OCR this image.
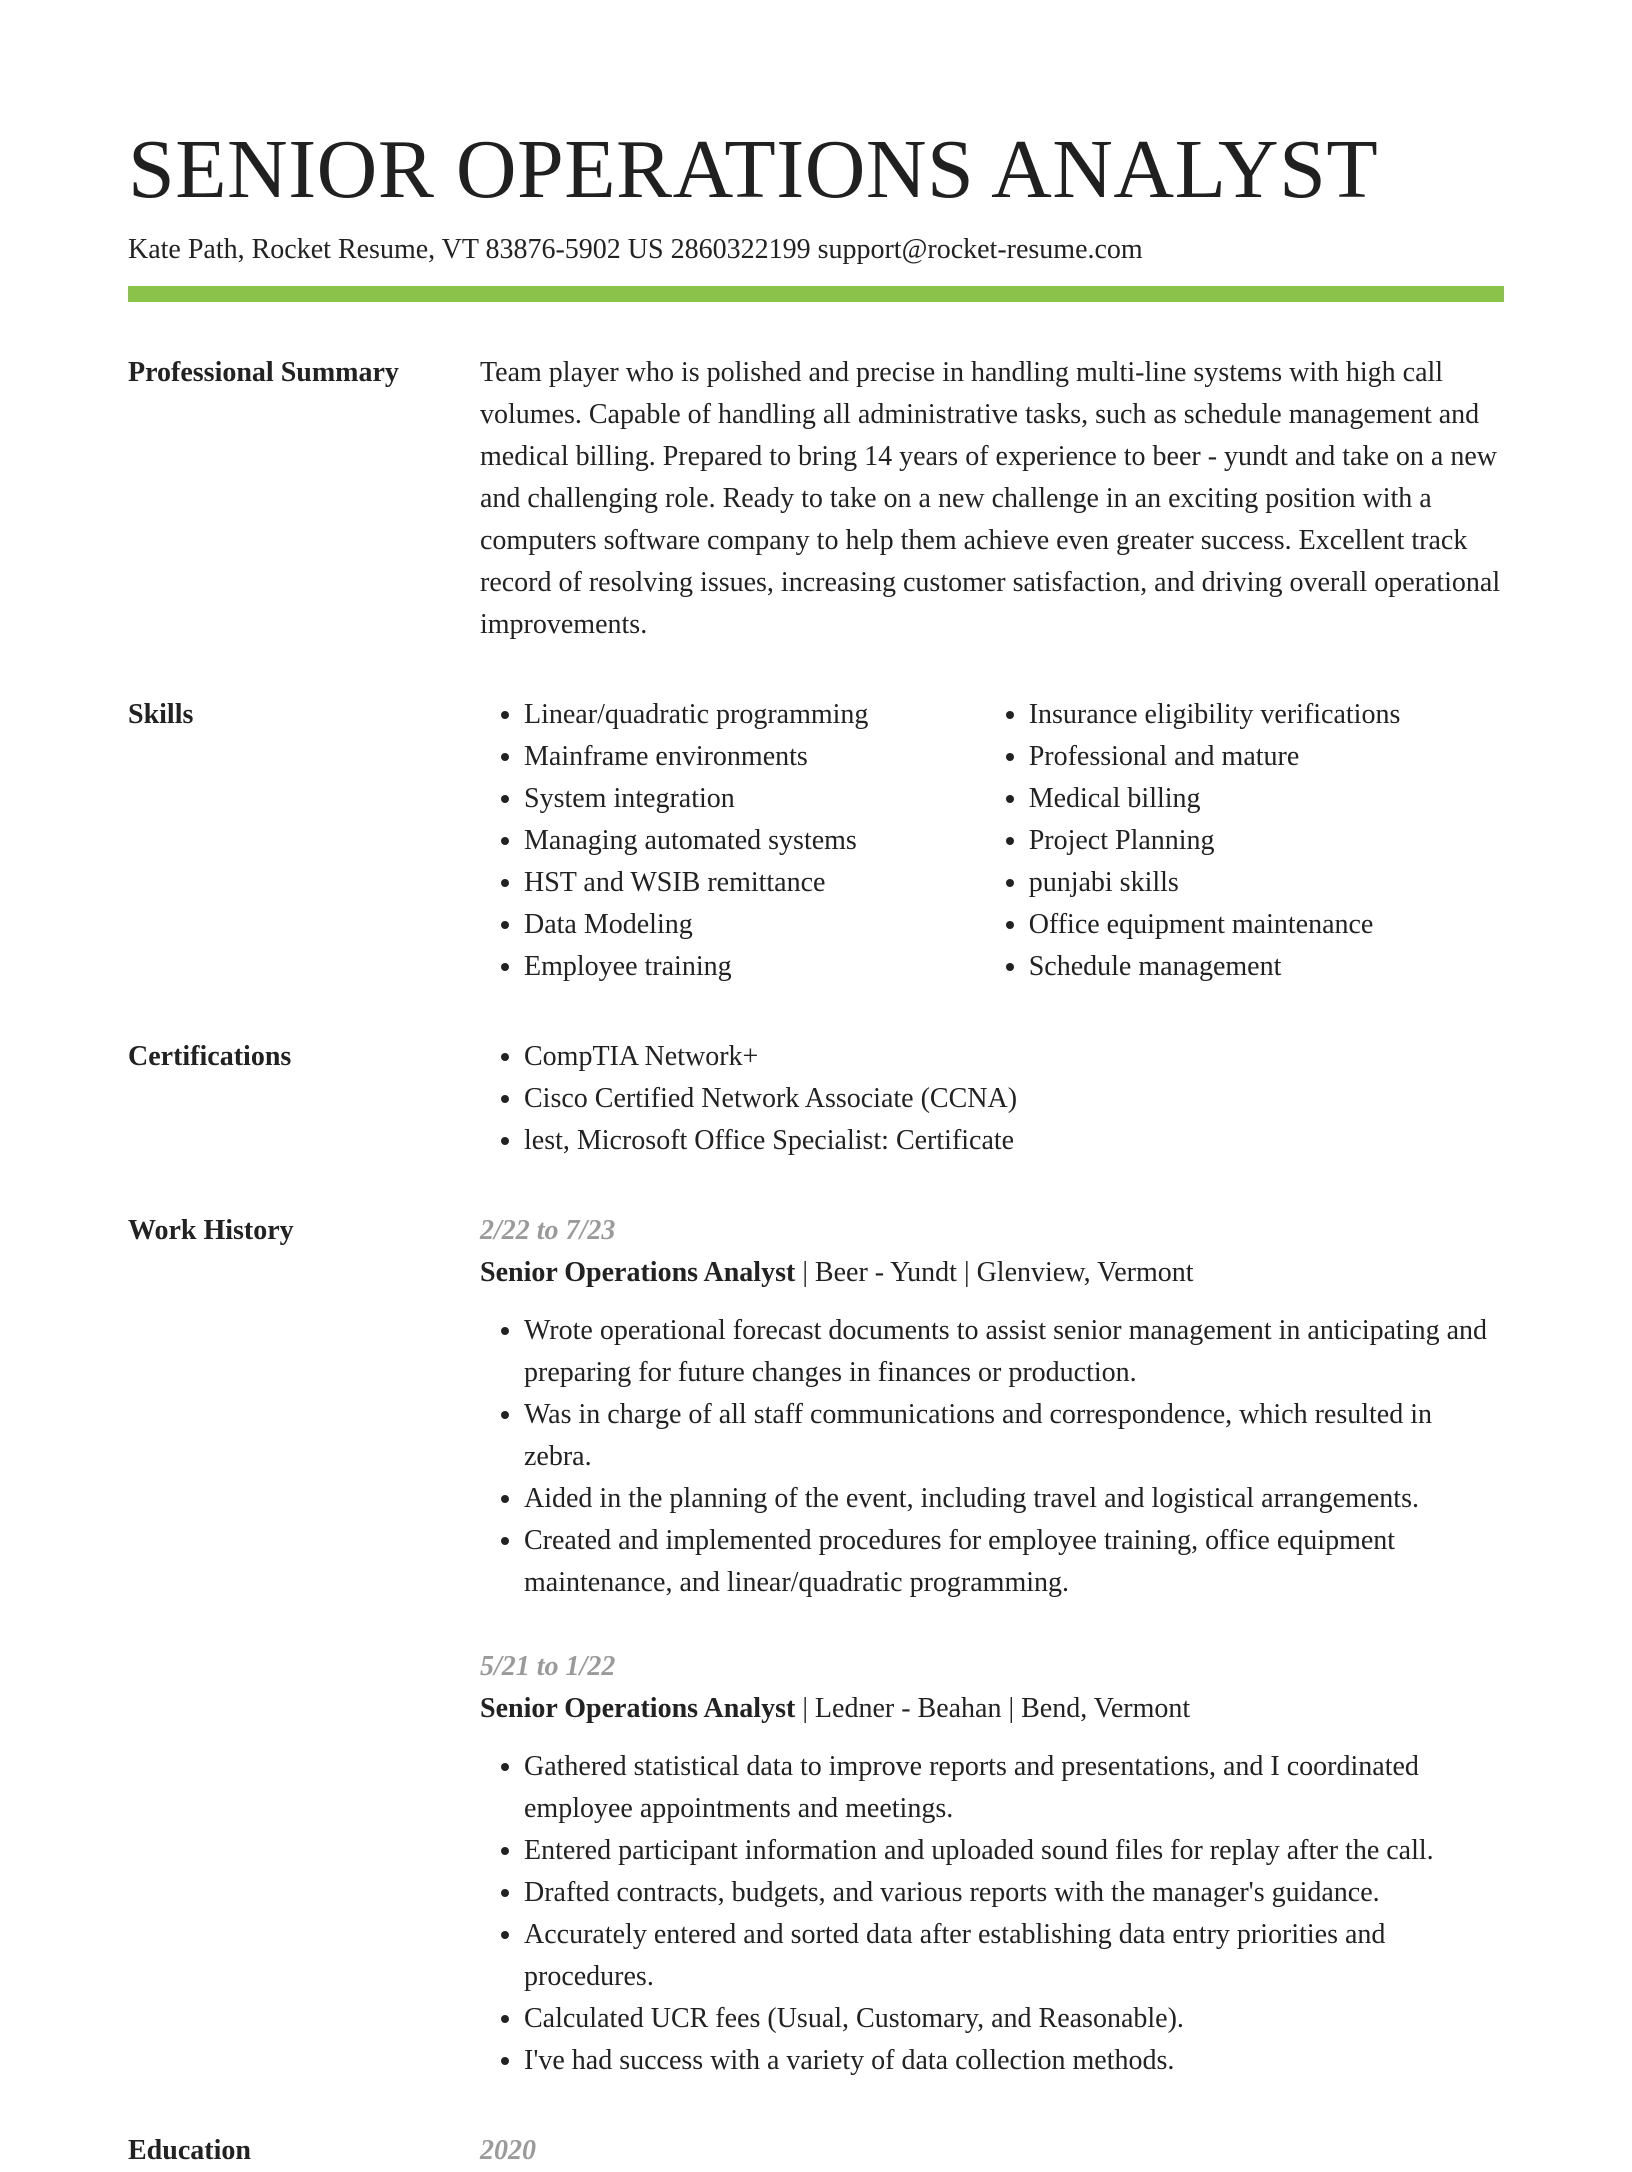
SENIOR OPERATIONS ANALYST
Kate Path, Rocket Resume, VT 83876-5902 US 2860322199 support@rocket-resume.com
Professional Summary	Team player who is polished and precise in handling multi-line systems with high call volumes. Capable of handling all administrative tasks, such as schedule management and medical billing. Prepared to bring 14 years of experience to beer - yundt and take on a new and challenging role. Ready to take on a new challenge in an exciting position with a computers software company to help them achieve even greater success. Excellent track record of resolving issues, increasing customer satisfaction, and driving overall operational improvements.

Skills	• Linear/quadratic programming
• Mainframe environments
• System integration
• Managing automated systems
• HST and WSIB remittance
• Data Modeling
• Employee training
• Insurance eligibility verifications
• Professional and mature
• Medical billing
• Project Planning
• punjabi skills
• Office equipment maintenance
• Schedule management
Certifications	• CompTIA Network+
• Cisco Certified Network Associate (CCNA)
• lest, Microsoft Office Specialist: Certificate
Work History	2/22 to 7/23
Senior Operations Analyst | Beer - Yundt | Glenview, Vermont
• Wrote operational forecast documents to assist senior management in anticipating and preparing for future changes in finances or production.
• Was in charge of all staff communications and correspondence, which resulted in zebra.
• Aided in the planning of the event, including travel and logistical arrangements.
• Created and implemented procedures for employee training, office equipment maintenance, and linear/quadratic programming.
5/21 to 1/22
Senior Operations Analyst | Ledner - Beahan | Bend, Vermont
• Gathered statistical data to improve reports and presentations, and I coordinated employee appointments and meetings.
• Entered participant information and uploaded sound files for replay after the call.
• Drafted contracts, budgets, and various reports with the manager's guidance.
• Accurately entered and sorted data after establishing data entry priorities and procedures.
• Calculated UCR fees (Usual, Customary, and Reasonable).
• I've had success with a variety of data collection methods.
Education	2020
